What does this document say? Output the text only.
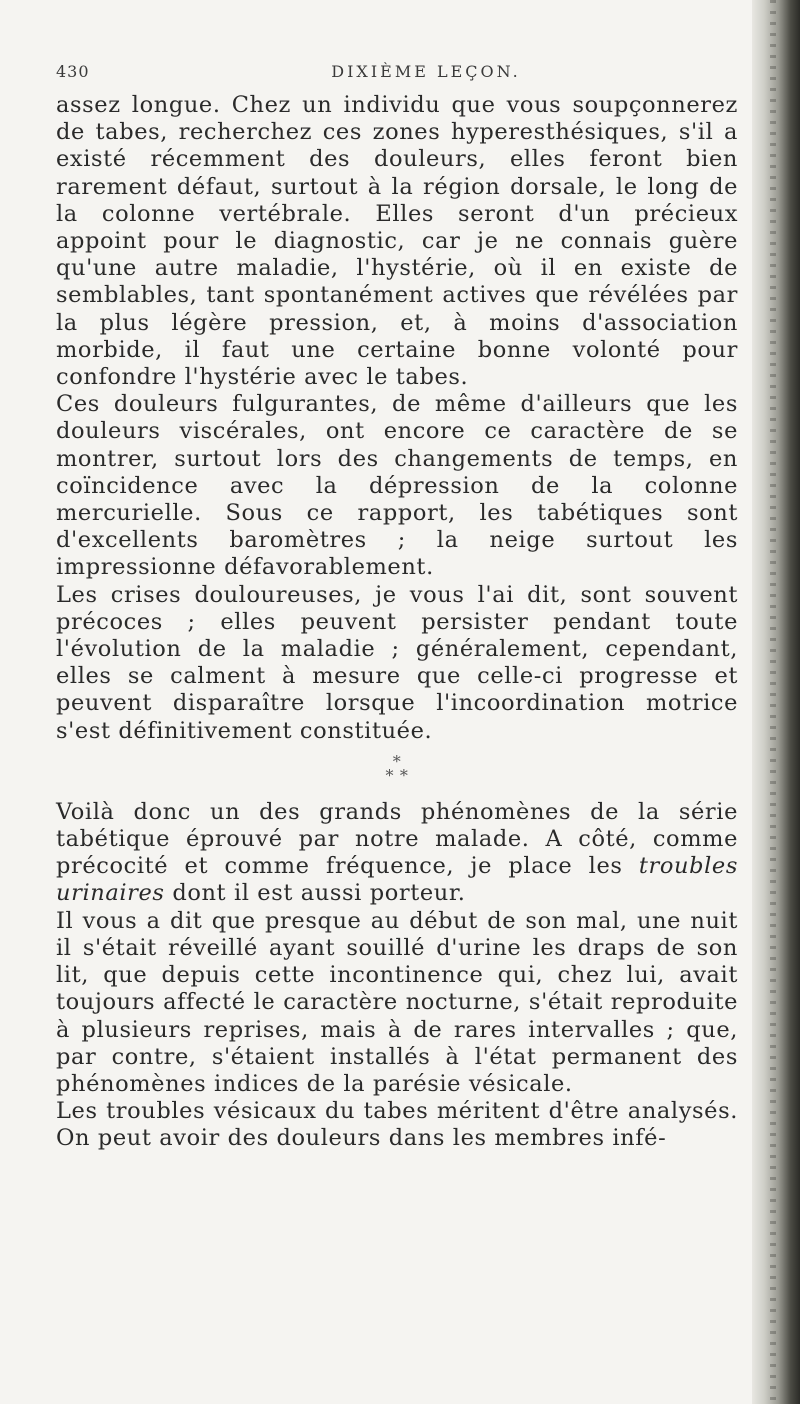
430	DIXIÈME LEÇON.

assez longue. Chez un individu que vous soupçonnerez de tabes, recherchez ces zones hyperesthésiques, s'il a existé récemment des douleurs, elles feront bien rarement défaut, surtout à la région dorsale, le long de la colonne vertébrale. Elles seront d'un précieux appoint pour le diagnostic, car je ne connais guère qu'une autre maladie, l'hystérie, où il en existe de semblables, tant spontanément actives que révélées par la plus légère pression, et, à moins d'association morbide, il faut une certaine bonne volonté pour confondre l'hystérie avec le tabes.

Ces douleurs fulgurantes, de même d'ailleurs que les douleurs viscérales, ont encore ce caractère de se montrer, surtout lors des changements de temps, en coïncidence avec la dépression de la colonne mercurielle. Sous ce rapport, les tabétiques sont d'excellents baromètres ; la neige surtout les impressionne défavorablement.

Les crises douloureuses, je vous l'ai dit, sont souvent précoces ; elles peuvent persister pendant toute l'évolution de la maladie ; généralement, cependant, elles se calment à mesure que celle-ci progresse et peuvent disparaître lorsque l'incoordination motrice s'est définitivement constituée.

*
* *

Voilà donc un des grands phénomènes de la série tabétique éprouvé par notre malade. A côté, comme précocité et comme fréquence, je place les troubles urinaires dont il est aussi porteur.

Il vous a dit que presque au début de son mal, une nuit il s'était réveillé ayant souillé d'urine les draps de son lit, que depuis cette incontinence qui, chez lui, avait toujours affecté le caractère nocturne, s'était reproduite à plusieurs reprises, mais à de rares intervalles ; que, par contre, s'étaient installés à l'état permanent des phénomènes indices de la parésie vésicale.

Les troubles vésicaux du tabes méritent d'être analysés. On peut avoir des douleurs dans les membres infé-
